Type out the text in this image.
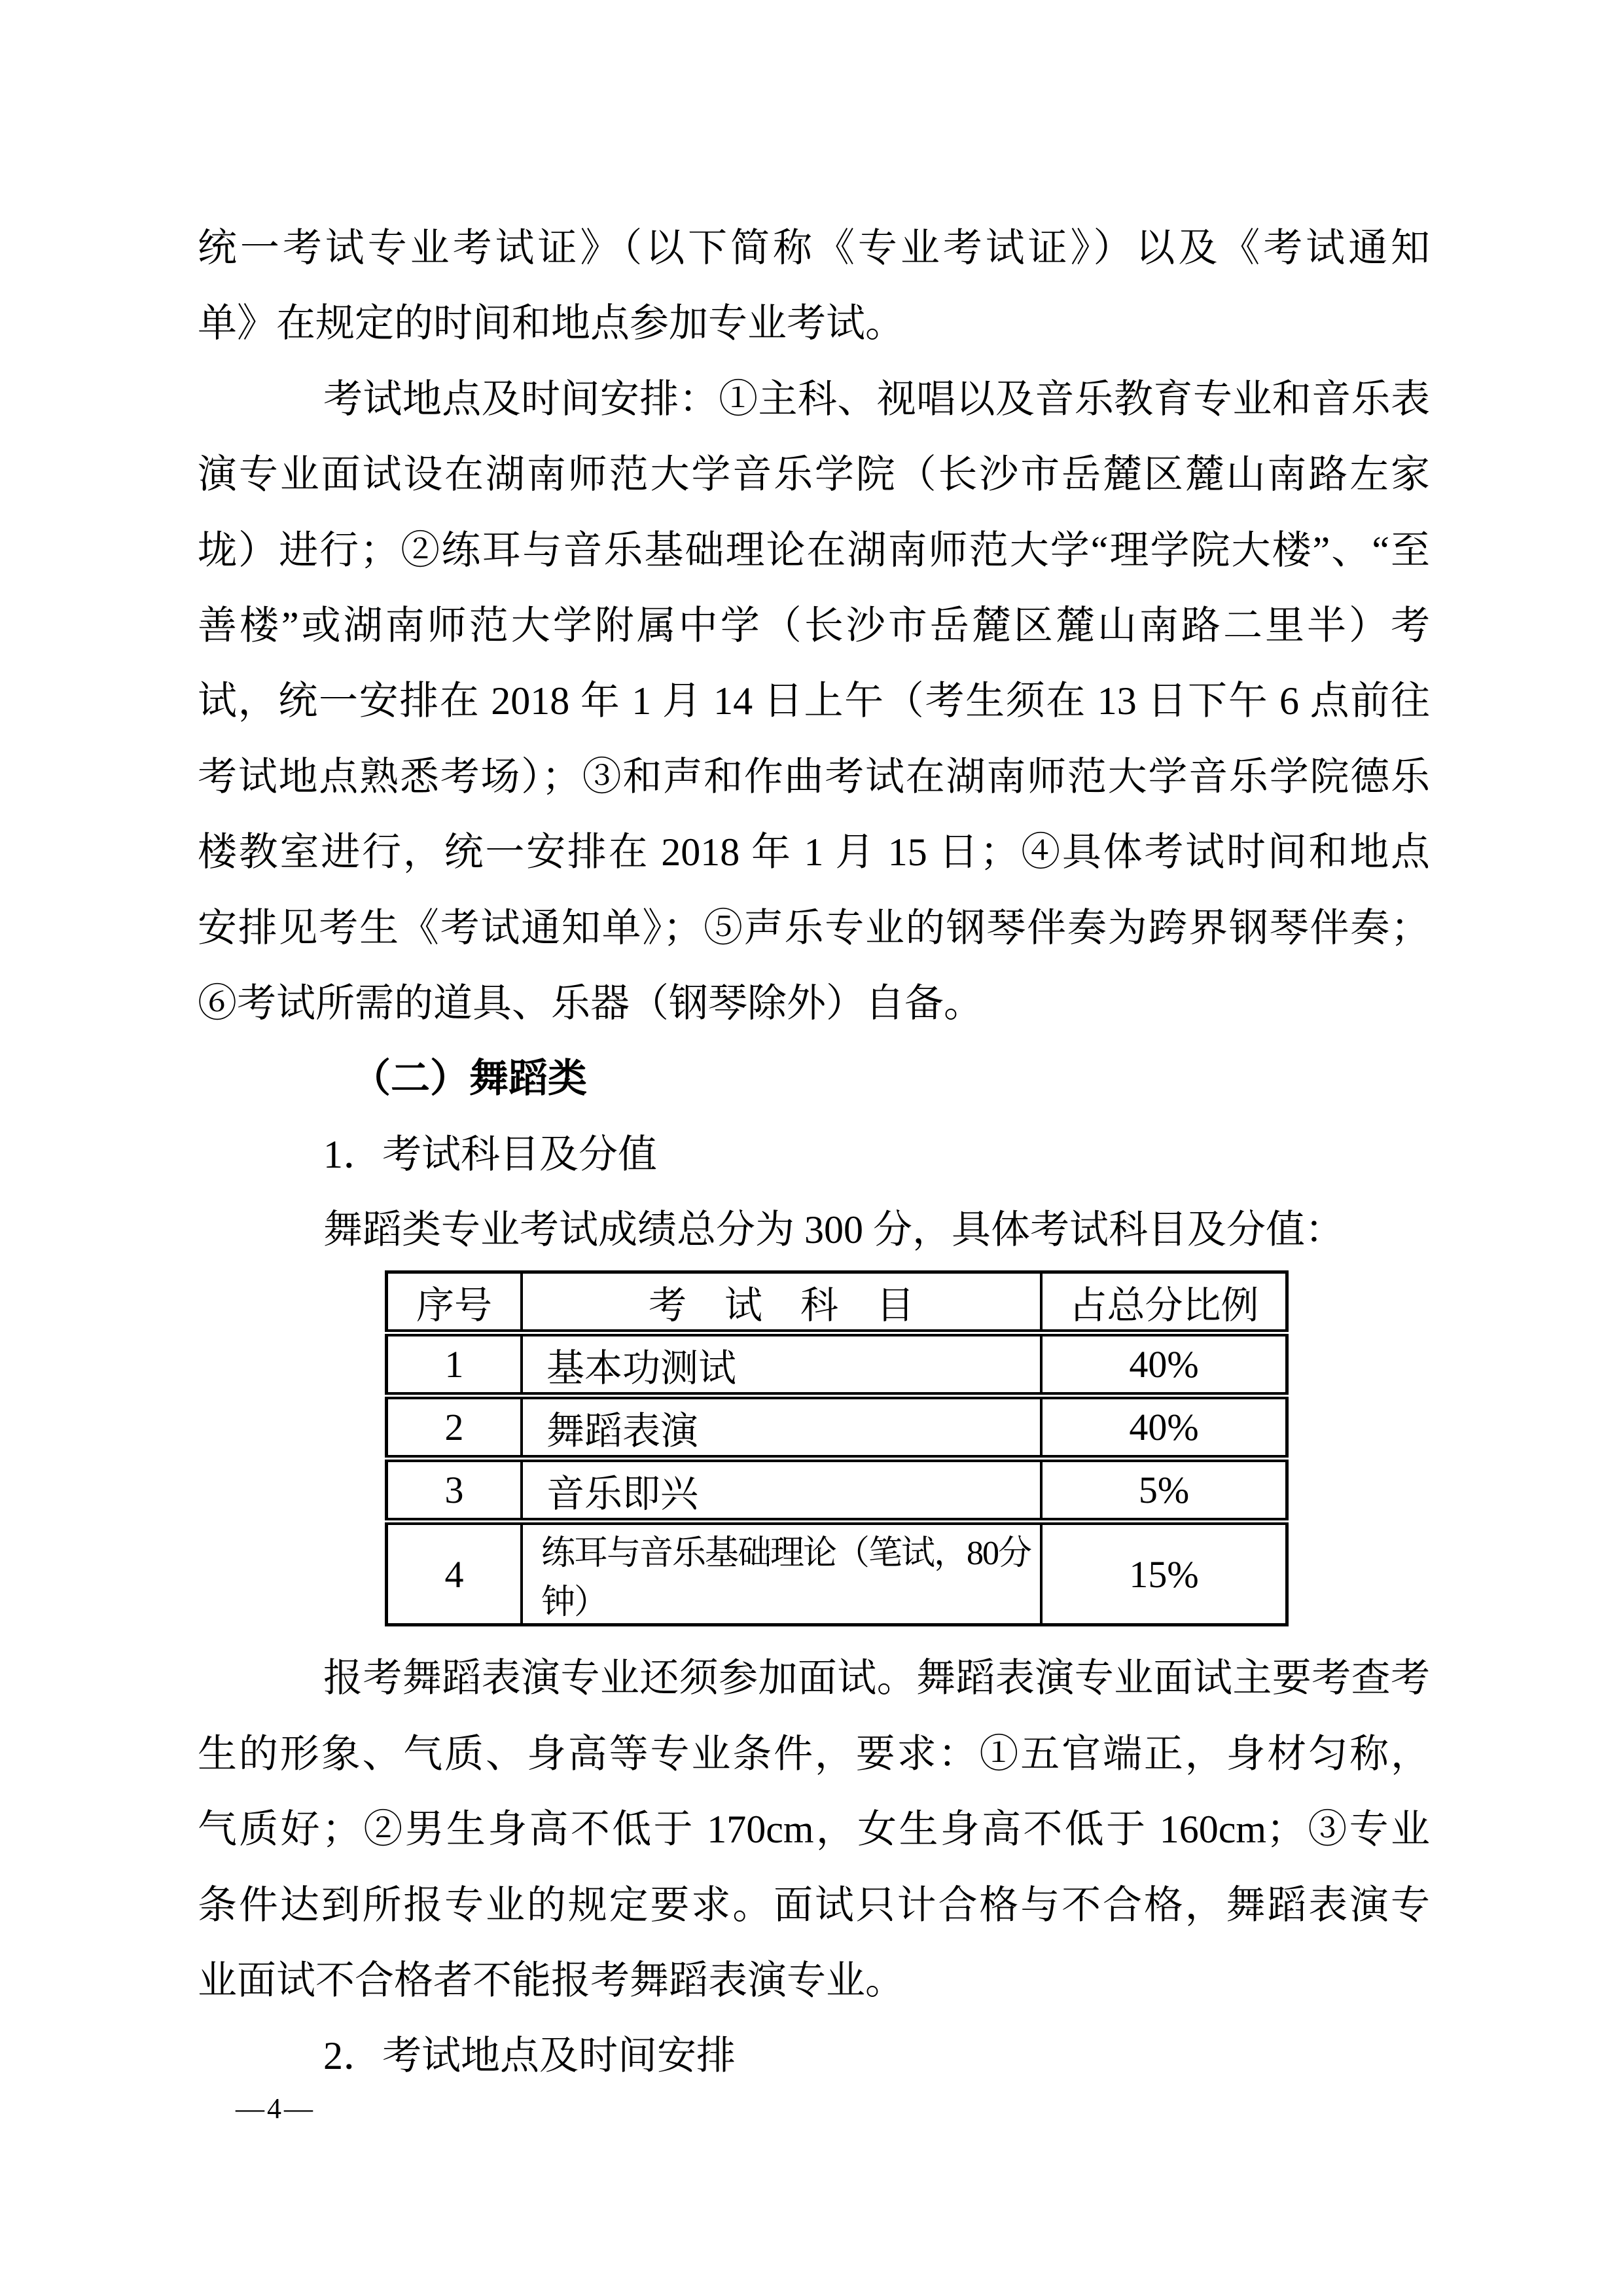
统一考试专业考试证》（以下简称《专业考试证》）以及《考试通知
单》在规定的时间和地点参加专业考试。
考试地点及时间安排：①主科、视唱以及音乐教育专业和音乐表
演专业面试设在湖南师范大学音乐学院（长沙市岳麓区麓山南路左家
垅）进行；②练耳与音乐基础理论在湖南师范大学“理学院大楼”、“至
善楼”或湖南师范大学附属中学（长沙市岳麓区麓山南路二里半）考
试，统一安排在 2018 年 1 月 14 日上午（考生须在 13 日下午 6 点前往
考试地点熟悉考场）；③和声和作曲考试在湖南师范大学音乐学院德乐
楼教室进行，统一安排在 2018 年 1 月 15 日；④具体考试时间和地点
安排见考生《考试通知单》；⑤声乐专业的钢琴伴奏为跨界钢琴伴奏；
⑥考试所需的道具、乐器（钢琴除外）自备。
（二）舞蹈类
1．考试科目及分值
舞蹈类专业考试成绩总分为 300 分，具体考试科目及分值：
序号	考　试　科　目	占总分比例
1	基本功测试	40%
2	舞蹈表演	40%
3	音乐即兴	5%
4	练耳与音乐基础理论（笔试，80分钟）	15%
报考舞蹈表演专业还须参加面试。舞蹈表演专业面试主要考查考
生的形象、气质、身高等专业条件，要求：①五官端正，身材匀称，
气质好；②男生身高不低于 170cm，女生身高不低于 160cm；③专业
条件达到所报专业的规定要求。面试只计合格与不合格，舞蹈表演专
业面试不合格者不能报考舞蹈表演专业。
2．考试地点及时间安排
—4—
